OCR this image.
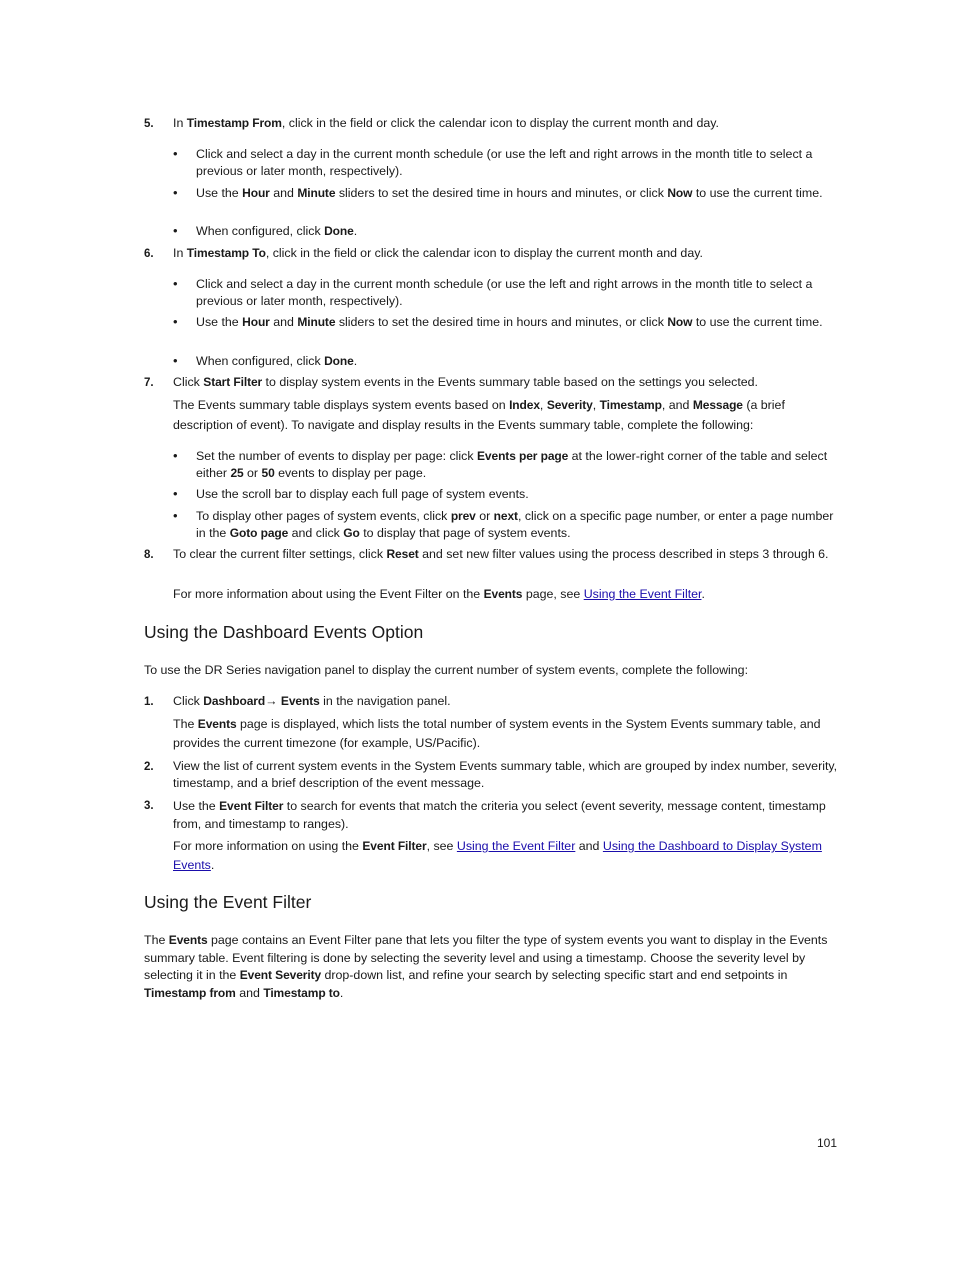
5. In Timestamp From, click in the field or click the calendar icon to display the current month and day.
• Click and select a day in the current month schedule (or use the left and right arrows in the month title to select a previous or later month, respectively).
• Use the Hour and Minute sliders to set the desired time in hours and minutes, or click Now to use the current time.
• When configured, click Done.
6. In Timestamp To, click in the field or click the calendar icon to display the current month and day.
• Click and select a day in the current month schedule (or use the left and right arrows in the month title to select a previous or later month, respectively).
• Use the Hour and Minute sliders to set the desired time in hours and minutes, or click Now to use the current time.
• When configured, click Done.
7. Click Start Filter to display system events in the Events summary table based on the settings you selected.
The Events summary table displays system events based on Index, Severity, Timestamp, and Message (a brief description of event). To navigate and display results in the Events summary table, complete the following:
• Set the number of events to display per page: click Events per page at the lower-right corner of the table and select either 25 or 50 events to display per page.
• Use the scroll bar to display each full page of system events.
• To display other pages of system events, click prev or next, click on a specific page number, or enter a page number in the Goto page and click Go to display that page of system events.
8. To clear the current filter settings, click Reset and set new filter values using the process described in steps 3 through 6.
For more information about using the Event Filter on the Events page, see Using the Event Filter.
Using the Dashboard Events Option
To use the DR Series navigation panel to display the current number of system events, complete the following:
1. Click Dashboard→ Events in the navigation panel.
The Events page is displayed, which lists the total number of system events in the System Events summary table, and provides the current timezone (for example, US/Pacific).
2. View the list of current system events in the System Events summary table, which are grouped by index number, severity, timestamp, and a brief description of the event message.
3. Use the Event Filter to search for events that match the criteria you select (event severity, message content, timestamp from, and timestamp to ranges).
For more information on using the Event Filter, see Using the Event Filter and Using the Dashboard to Display System Events.
Using the Event Filter
The Events page contains an Event Filter pane that lets you filter the type of system events you want to display in the Events summary table. Event filtering is done by selecting the severity level and using a timestamp. Choose the severity level by selecting it in the Event Severity drop-down list, and refine your search by selecting specific start and end setpoints in Timestamp from and Timestamp to.
101
